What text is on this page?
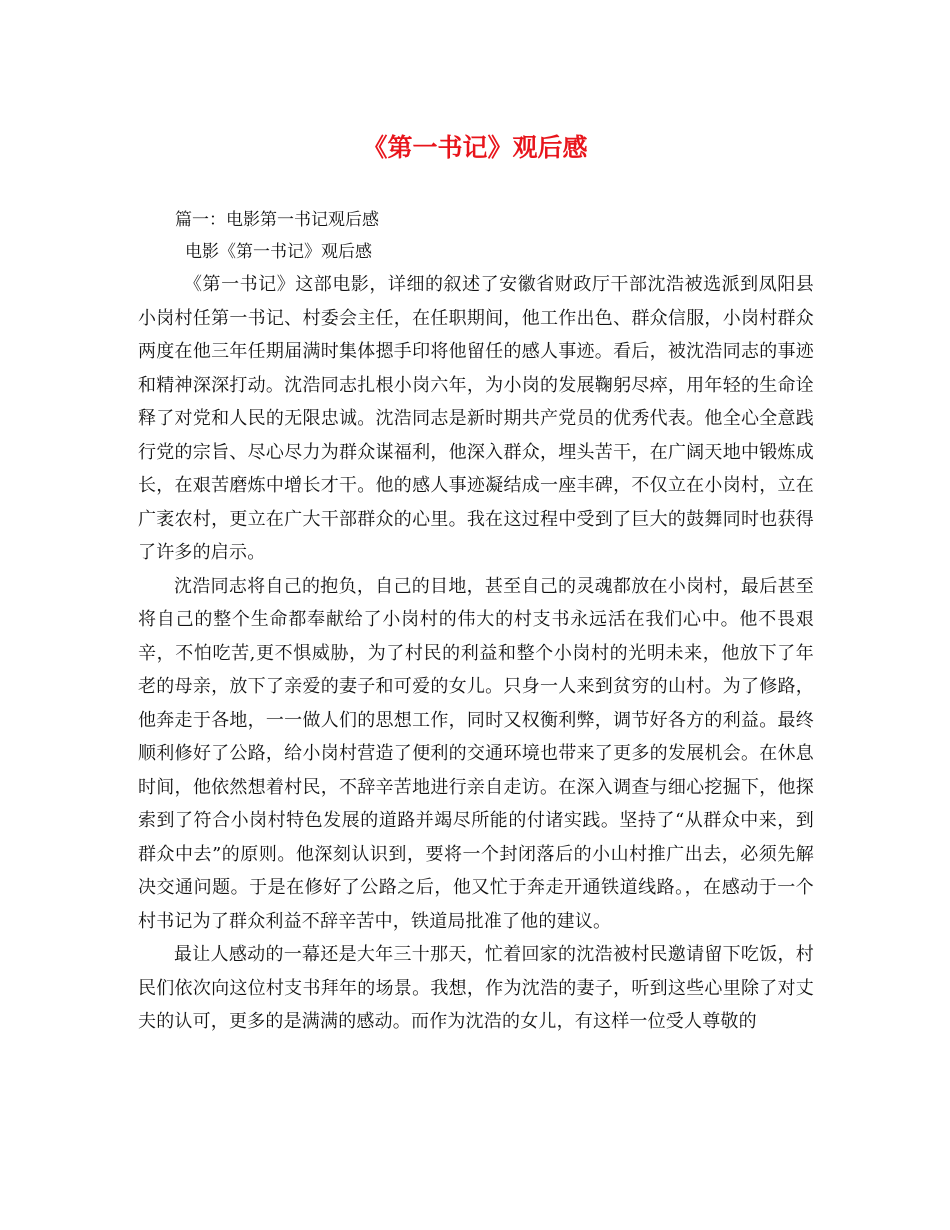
《第一书记》观后感

篇一：电影第一书记观后感

电影《第一书记》观后感

《第一书记》这部电影，详细的叙述了安徽省财政厅干部沈浩被选派到凤阳县小岗村任第一书记、村委会主任，在任职期间，他工作出色、群众信服，小岗村群众两度在他三年任期届满时集体摁手印将他留任的感人事迹。看后，被沈浩同志的事迹和精神深深打动。沈浩同志扎根小岗六年，为小岗的发展鞠躬尽瘁，用年轻的生命诠释了对党和人民的无限忠诚。沈浩同志是新时期共产党员的优秀代表。他全心全意践行党的宗旨、尽心尽力为群众谋福利，他深入群众，埋头苦干，在广阔天地中锻炼成长，在艰苦磨炼中增长才干。他的感人事迹凝结成一座丰碑，不仅立在小岗村，立在广袤农村，更立在广大干部群众的心里。我在这过程中受到了巨大的鼓舞同时也获得了许多的启示。

沈浩同志将自己的抱负，自己的目地，甚至自己的灵魂都放在小岗村，最后甚至将自己的整个生命都奉献给了小岗村的伟大的村支书永远活在我们心中。他不畏艰辛，不怕吃苦,更不惧威胁，为了村民的利益和整个小岗村的光明未来，他放下了年老的母亲，放下了亲爱的妻子和可爱的女儿。只身一人来到贫穷的山村。为了修路，他奔走于各地，一一做人们的思想工作，同时又权衡利弊，调节好各方的利益。最终顺利修好了公路，给小岗村营造了便利的交通环境也带来了更多的发展机会。在休息时间，他依然想着村民，不辞辛苦地进行亲自走访。在深入调查与细心挖掘下，他探索到了符合小岗村特色发展的道路并竭尽所能的付诸实践。坚持了“从群众中来，到群众中去”的原则。他深刻认识到，要将一个封闭落后的小山村推广出去，必须先解决交通问题。于是在修好了公路之后，他又忙于奔走开通铁道线路。，在感动于一个村书记为了群众利益不辞辛苦中，铁道局批准了他的建议。

最让人感动的一幕还是大年三十那天，忙着回家的沈浩被村民邀请留下吃饭，村民们依次向这位村支书拜年的场景。我想，作为沈浩的妻子，听到这些心里除了对丈夫的认可，更多的是满满的感动。而作为沈浩的女儿，有这样一位受人尊敬的
